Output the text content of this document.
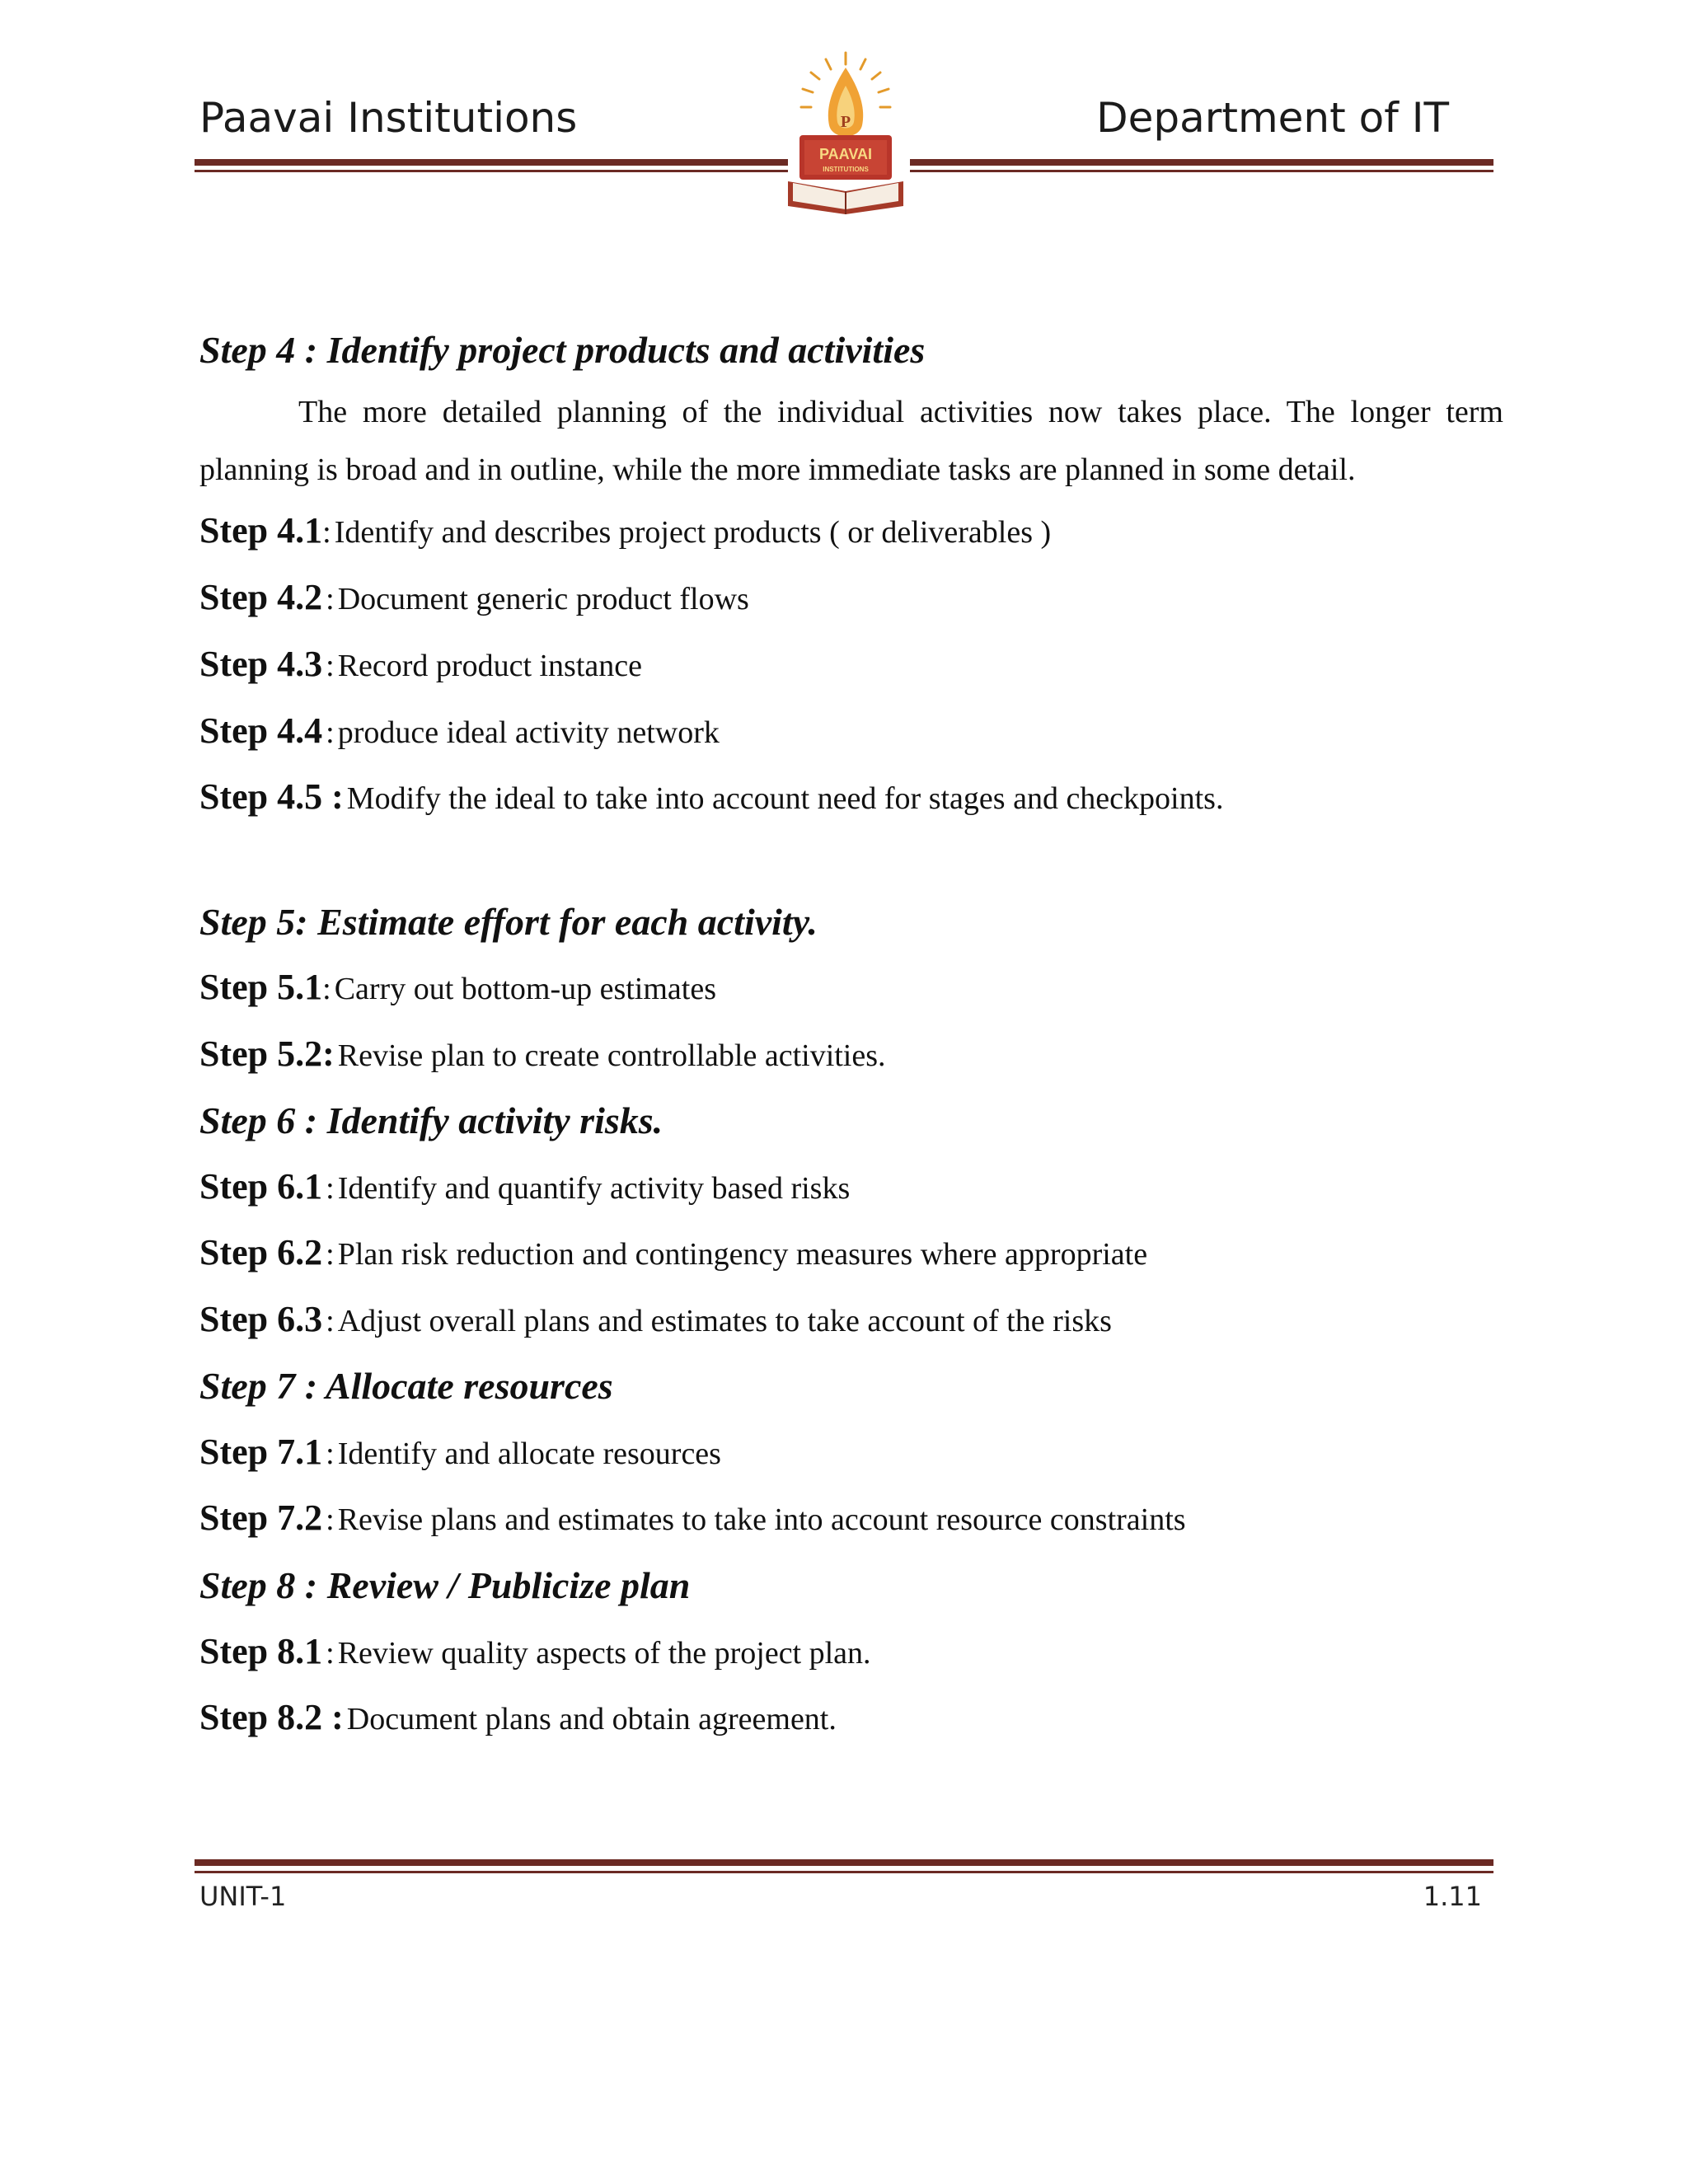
Paavai Institutions	Department of IT
P
PAAVAI
INSTITUTIONS
Step 4 : Identify project products and activities

The more detailed planning of the individual activities now takes place. The longer term planning is broad and in outline, while the more immediate tasks are planned in some detail.

Step 4.1: Identify and describes project products ( or deliverables )
Step 4.2 : Document generic product flows
Step 4.3 : Record product instance
Step 4.4 : produce ideal activity network
Step 4.5 : Modify the ideal to take into account need for stages and checkpoints.
Step 5: Estimate effort for each activity.
Step 5.1: Carry out bottom-up estimates
Step 5.2: Revise plan to create controllable activities.
Step 6 : Identify activity risks.
Step 6.1 : Identify and quantify activity based risks
Step 6.2 : Plan risk reduction and contingency measures where appropriate
Step 6.3 : Adjust overall plans and estimates to take account of the risks
Step 7 : Allocate resources
Step 7.1 : Identify and allocate resources
Step 7.2 : Revise plans and estimates to take into account resource constraints
Step 8 : Review / Publicize plan
Step 8.1 : Review quality aspects of the project plan.
Step 8.2 : Document plans and obtain agreement.
UNIT-1	1.11
